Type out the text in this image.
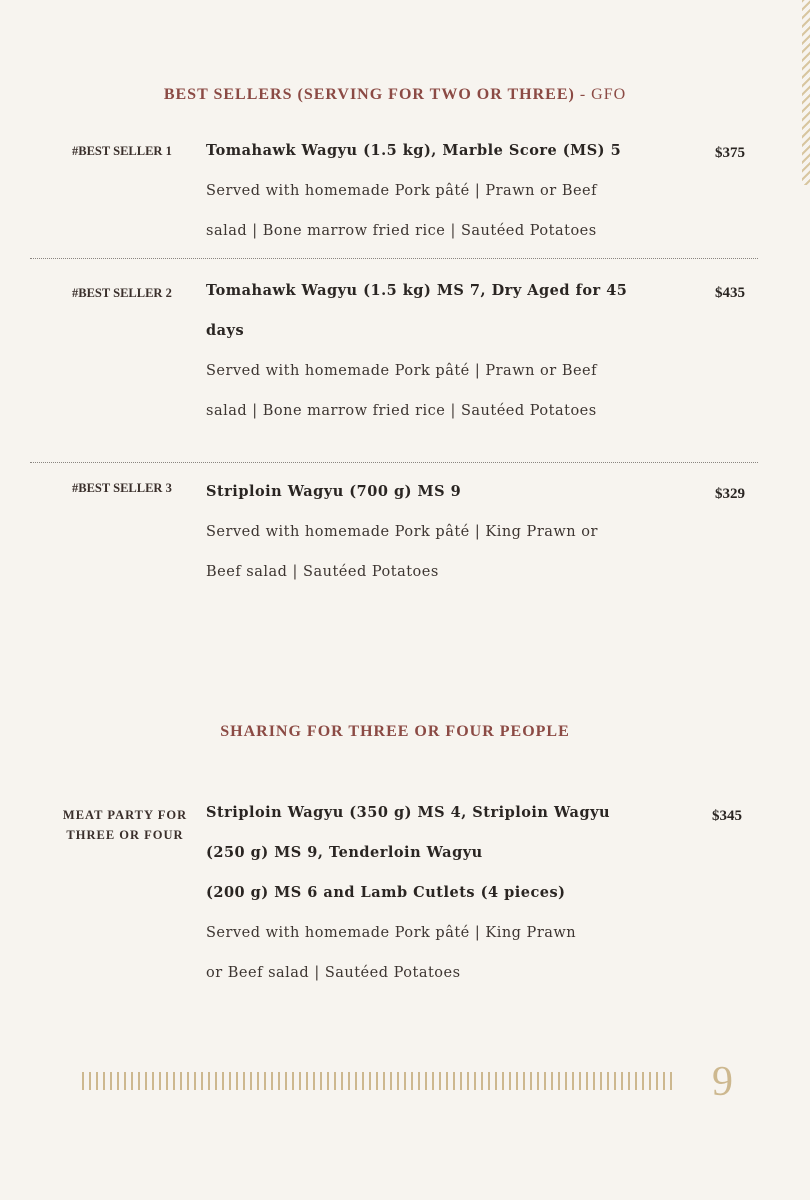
BEST SELLERS (SERVING FOR TWO OR THREE) - GFO
#BEST SELLER 1	Tomahawk Wagyu (1.5 kg), Marble Score (MS) 5
Served with homemade Pork pâté | Prawn or Beef
salad | Bone marrow fried rice | Sautéed Potatoes
$375
#BEST SELLER 2	Tomahawk Wagyu (1.5 kg) MS 7, Dry Aged for 45
days
Served with homemade Pork pâté | Prawn or Beef
salad | Bone marrow fried rice | Sautéed Potatoes
$435
#BEST SELLER 3	Striploin Wagyu (700 g) MS 9
Served with homemade Pork pâté | King Prawn or
Beef salad | Sautéed Potatoes
$329
SHARING FOR THREE OR FOUR PEOPLE
MEAT PARTY FOR
THREE OR FOUR
Striploin Wagyu (350 g) MS 4, Striploin Wagyu
(250 g) MS 9, Tenderloin Wagyu
(200 g) MS 6 and Lamb Cutlets (4 pieces)
Served with homemade Pork pâté | King Prawn
or Beef salad | Sautéed Potatoes
$345
9
